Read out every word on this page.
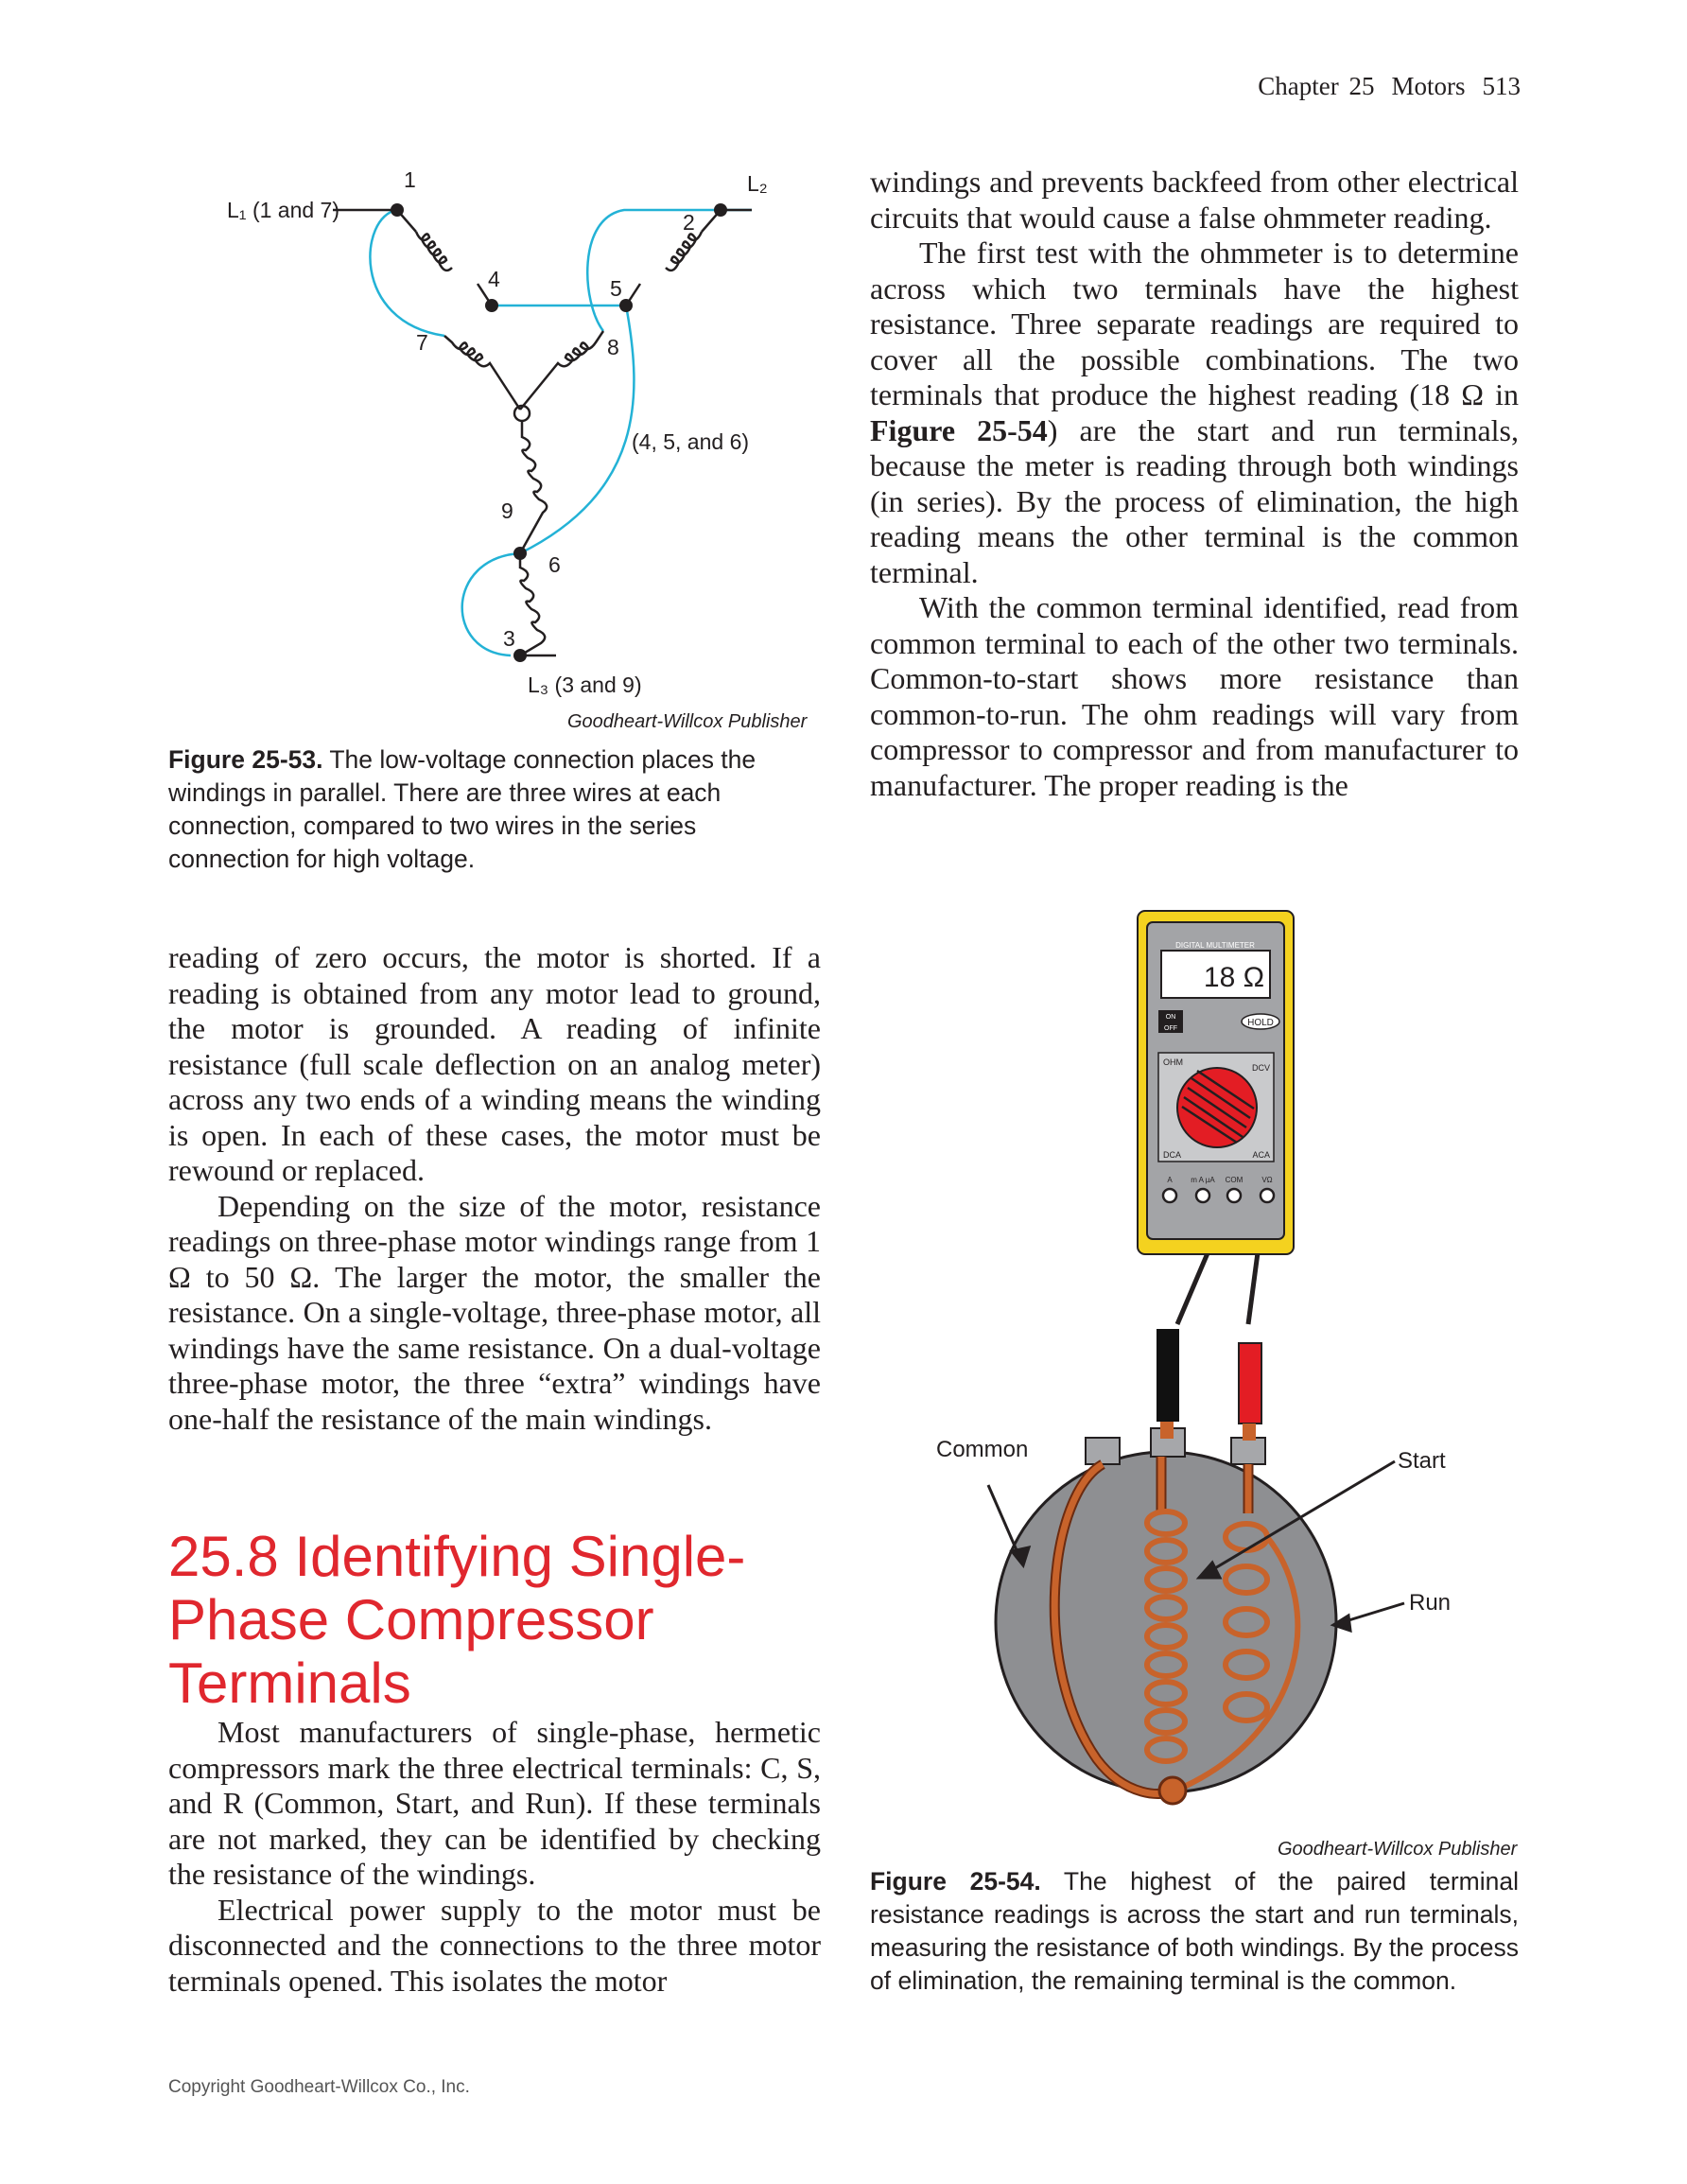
Chapter 25 Motors 513
L₁ (1 and 7)
L₂
L₃ (3 and 9)
1
2
3
4	5
6
7	8
9
(4, 5, and 6)
Goodheart-Willcox Publisher

Figure 25-53. The low-voltage connection places the windings in parallel. There are three wires at each connection, compared to two wires in the series connection for high voltage.

reading of zero occurs, the motor is shorted. If a reading is obtained from any motor lead to ground, the motor is grounded. A reading of infinite resistance (full scale deflection on an analog meter) across any two ends of a winding means the winding is open. In each of these cases, the motor must be rewound or replaced.

Depending on the size of the motor, resistance readings on three-phase motor windings range from 1 Ω to 50 Ω. The larger the motor, the smaller the resistance. On a single-voltage, three-phase motor, all windings have the same resistance. On a dual-voltage three-phase motor, the three “extra” windings have one-half the resistance of the main windings.

25.8 Identifying Single-Phase Compressor Terminals

Most manufacturers of single-phase, hermetic compressors mark the three electrical terminals: C, S, and R (Common, Start, and Run). If these terminals are not marked, they can be identified by checking the resistance of the windings.

Electrical power supply to the motor must be disconnected and the connections to the three motor terminals opened. This isolates the motor

windings and prevents backfeed from other electrical circuits that would cause a false ohmmeter reading.

The first test with the ohmmeter is to determine across which two terminals have the highest resistance. Three separate readings are required to cover all the possible combinations. The two terminals that produce the highest reading (18 Ω in Figure 25-54) are the start and run terminals, because the meter is reading through both windings (in series). By the process of elimination, the high reading means the other terminal is the common terminal.

With the common terminal identified, read from common terminal to each of the other two terminals. Common-to-start shows more resistance than common-to-run. The ohm readings will vary from compressor to compressor and from manufacturer to manufacturer. The proper reading is the

DIGITAL MULTIMETER
18 Ω
ON
OFF
HOLD
OHM
DCV
DCA	ACA
A m A µA COM	VΩ
Common	Start
Run
Goodheart-Willcox Publisher

Figure 25-54. The highest of the paired terminal resistance readings is across the start and run terminals, measuring the resistance of both windings. By the process of elimination, the remaining terminal is the common.

Copyright Goodheart-Willcox Co., Inc.
